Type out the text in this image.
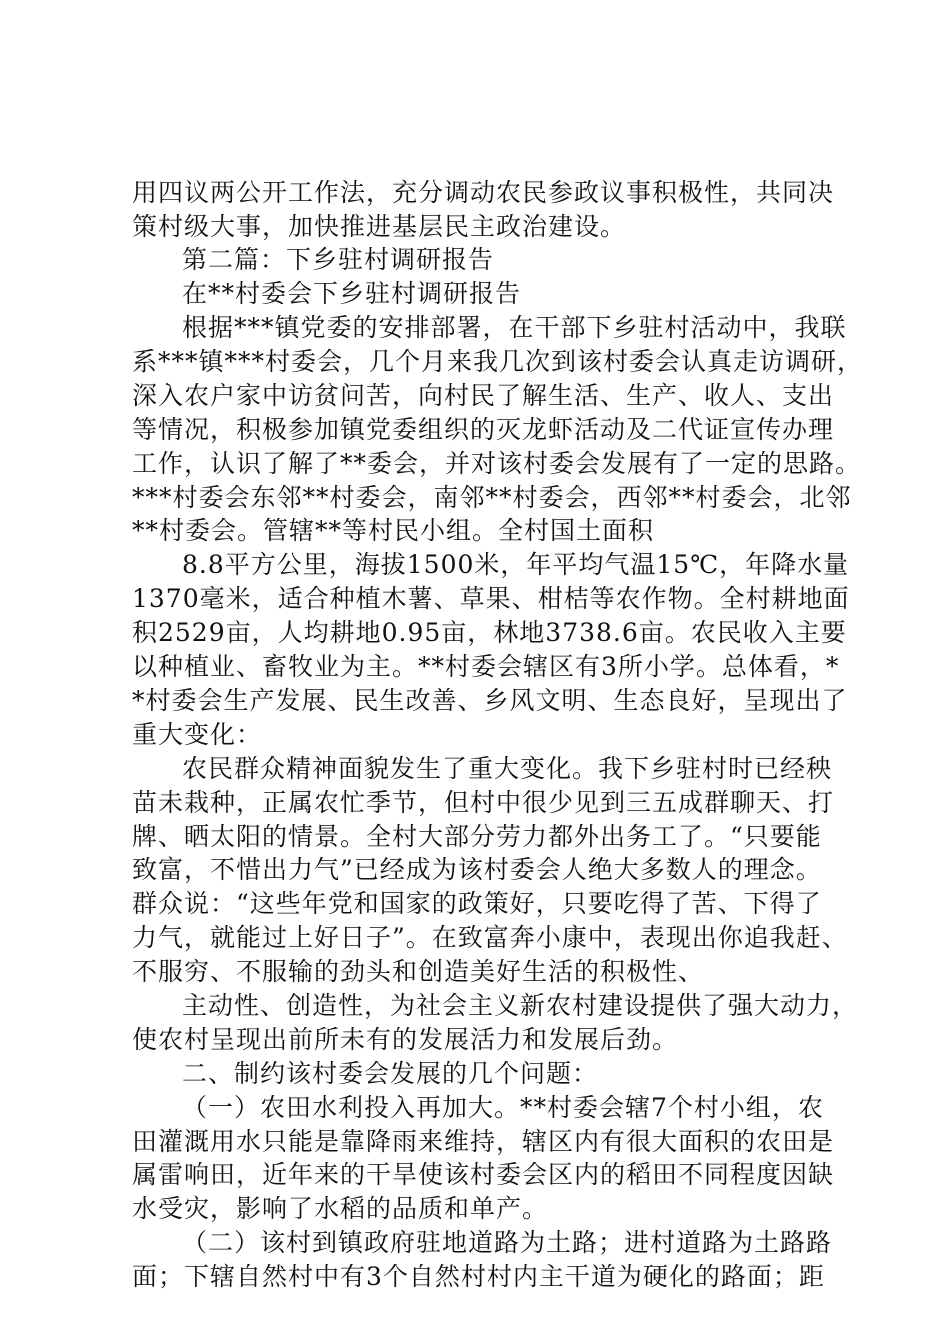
用四议两公开工作法，充分调动农民参政议事积极性，共同决
策村级大事，加快推进基层民主政治建设。
第二篇：下乡驻村调研报告
在**村委会下乡驻村调研报告
根据***镇党委的安排部署，在干部下乡驻村活动中，我联
系***镇***村委会，几个月来我几次到该村委会认真走访调研，
深入农户家中访贫问苦，向村民了解生活、生产、收人、支出
等情况，积极参加镇党委组织的灭龙虾活动及二代证宣传办理
工作，认识了解了**委会，并对该村委会发展有了一定的思路。
***村委会东邻**村委会，南邻**村委会，西邻**村委会，北邻
**村委会。管辖**等村民小组。全村国土面积
8.8平方公里，海拔1500米，年平均气温15℃，年降水量
1370毫米，适合种植木薯、草果、柑桔等农作物。全村耕地面
积2529亩，人均耕地0.95亩，林地3738.6亩。农民收入主要
以种植业、畜牧业为主。**村委会辖区有3所小学。总体看，*
*村委会生产发展、民生改善、乡风文明、生态良好，呈现出了
重大变化：
农民群众精神面貌发生了重大变化。我下乡驻村时已经秧
苗未栽种，正属农忙季节，但村中很少见到三五成群聊天、打
牌、晒太阳的情景。全村大部分劳力都外出务工了。“只要能
致富，不惜出力气”已经成为该村委会人绝大多数人的理念。
群众说：“这些年党和国家的政策好，只要吃得了苦、下得了
力气，就能过上好日子”。在致富奔小康中，表现出你追我赶、
不服穷、不服输的劲头和创造美好生活的积极性、
主动性、创造性，为社会主义新农村建设提供了强大动力，
使农村呈现出前所未有的发展活力和发展后劲。
二、制约该村委会发展的几个问题：
（一）农田水利投入再加大。**村委会辖7个村小组，农
田灌溉用水只能是靠降雨来维持，辖区内有很大面积的农田是
属雷响田，近年来的干旱使该村委会区内的稻田不同程度因缺
水受灾，影响了水稻的品质和单产。
（二）该村到镇政府驻地道路为土路；进村道路为土路路
面；下辖自然村中有3个自然村村内主干道为硬化的路面；距
